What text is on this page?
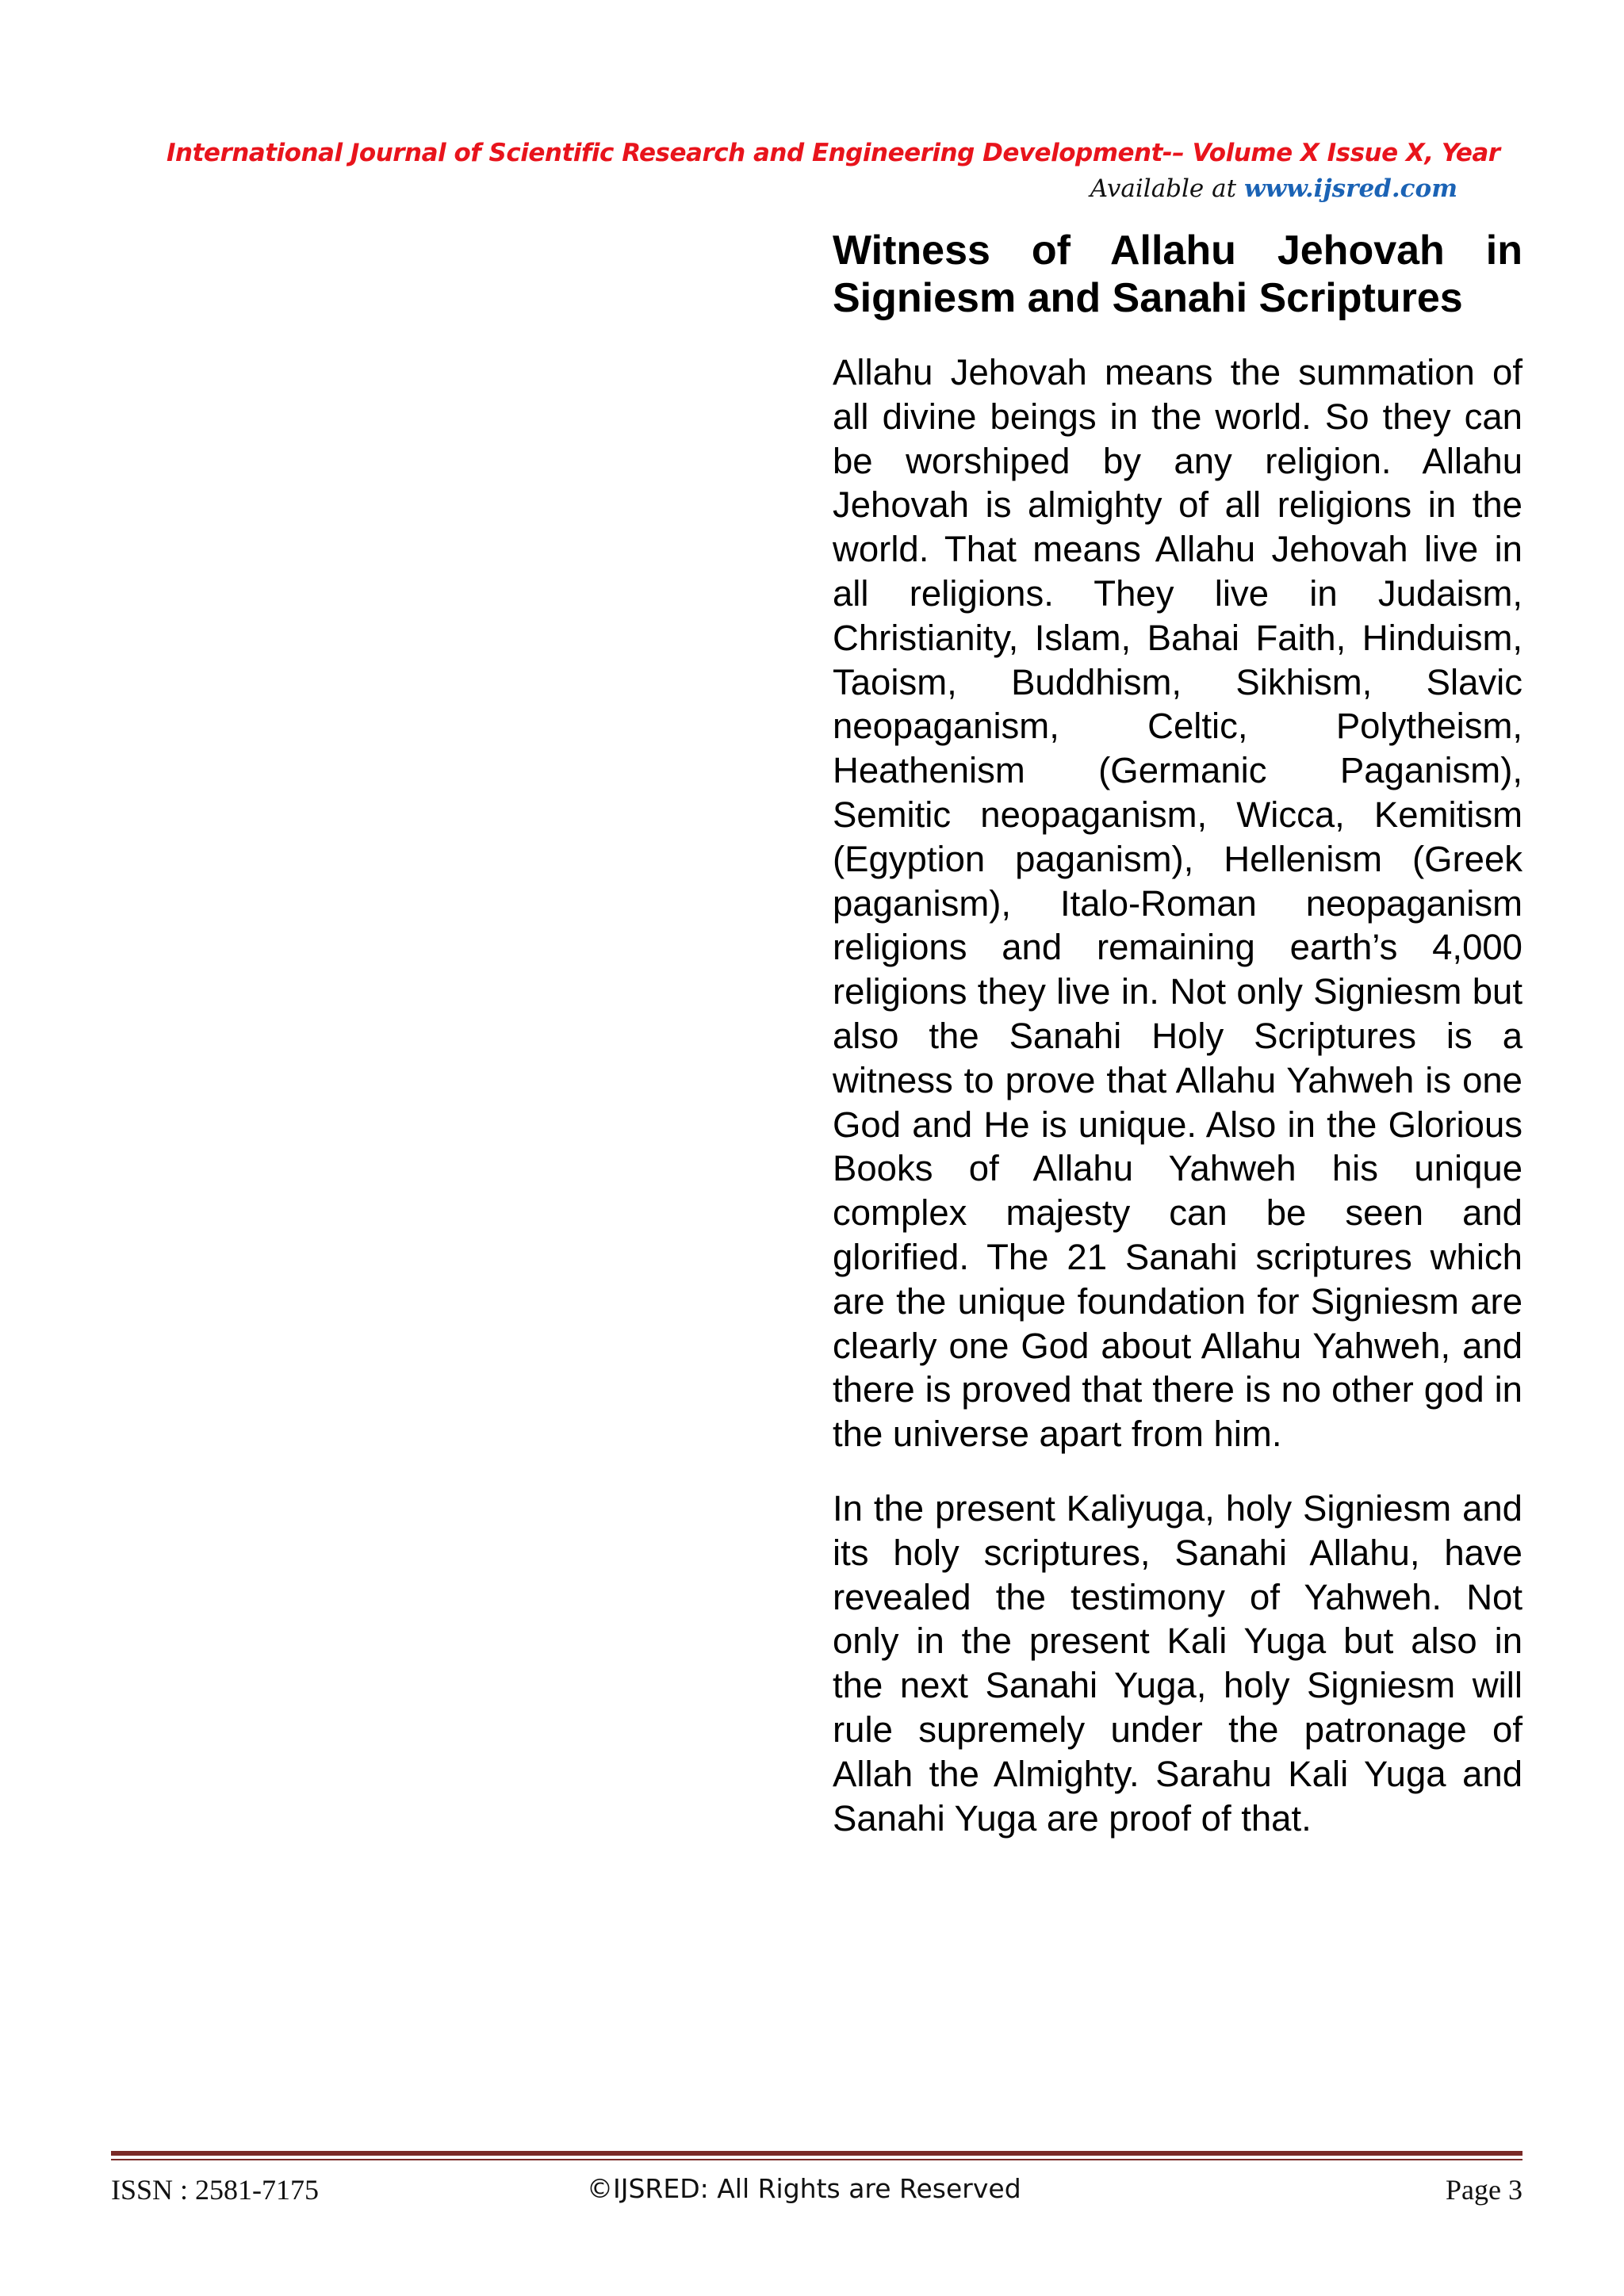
International Journal of Scientific Research and Engineering Development-– Volume X Issue X, Year
Available at www.ijsred.com
Witness of Allahu Jehovah in Signiesm and Sanahi Scriptures

Allahu Jehovah means the summation of all divine beings in the world. So they can be worshiped by any religion. Allahu Jehovah is almighty of all religions in the world. That means Allahu Jehovah live in all religions. They live in Judaism, Christianity, Islam, Bahai Faith, Hinduism, Taoism, Buddhism, Sikhism, Slavic neopaganism, Celtic, Polytheism, Heathenism (Germanic Paganism), Semitic neopaganism, Wicca, Kemitism (Egyption paganism), Hellenism (Greek paganism), Italo-Roman neopaganism religions and remaining earth’s 4,000 religions they live in. Not only Signiesm but also the Sanahi Holy Scriptures is a witness to prove that Allahu Yahweh is one God and He is unique. Also in the Glorious Books of Allahu Yahweh his unique complex majesty can be seen and glorified. The 21 Sanahi scriptures which are the unique foundation for Signiesm are clearly one God about Allahu Yahweh, and there is proved that there is no other god in the universe apart from him.

In the present Kaliyuga, holy Signiesm and its holy scriptures, Sanahi Allahu, have revealed the testimony of Yahweh. Not only in the present Kali Yuga but also in the next Sanahi Yuga, holy Signiesm will rule supremely under the patronage of Allah the Almighty. Sarahu Kali Yuga and Sanahi Yuga are proof of that.

ISSN : 2581-7175	©IJSRED: All Rights are Reserved	Page 3
